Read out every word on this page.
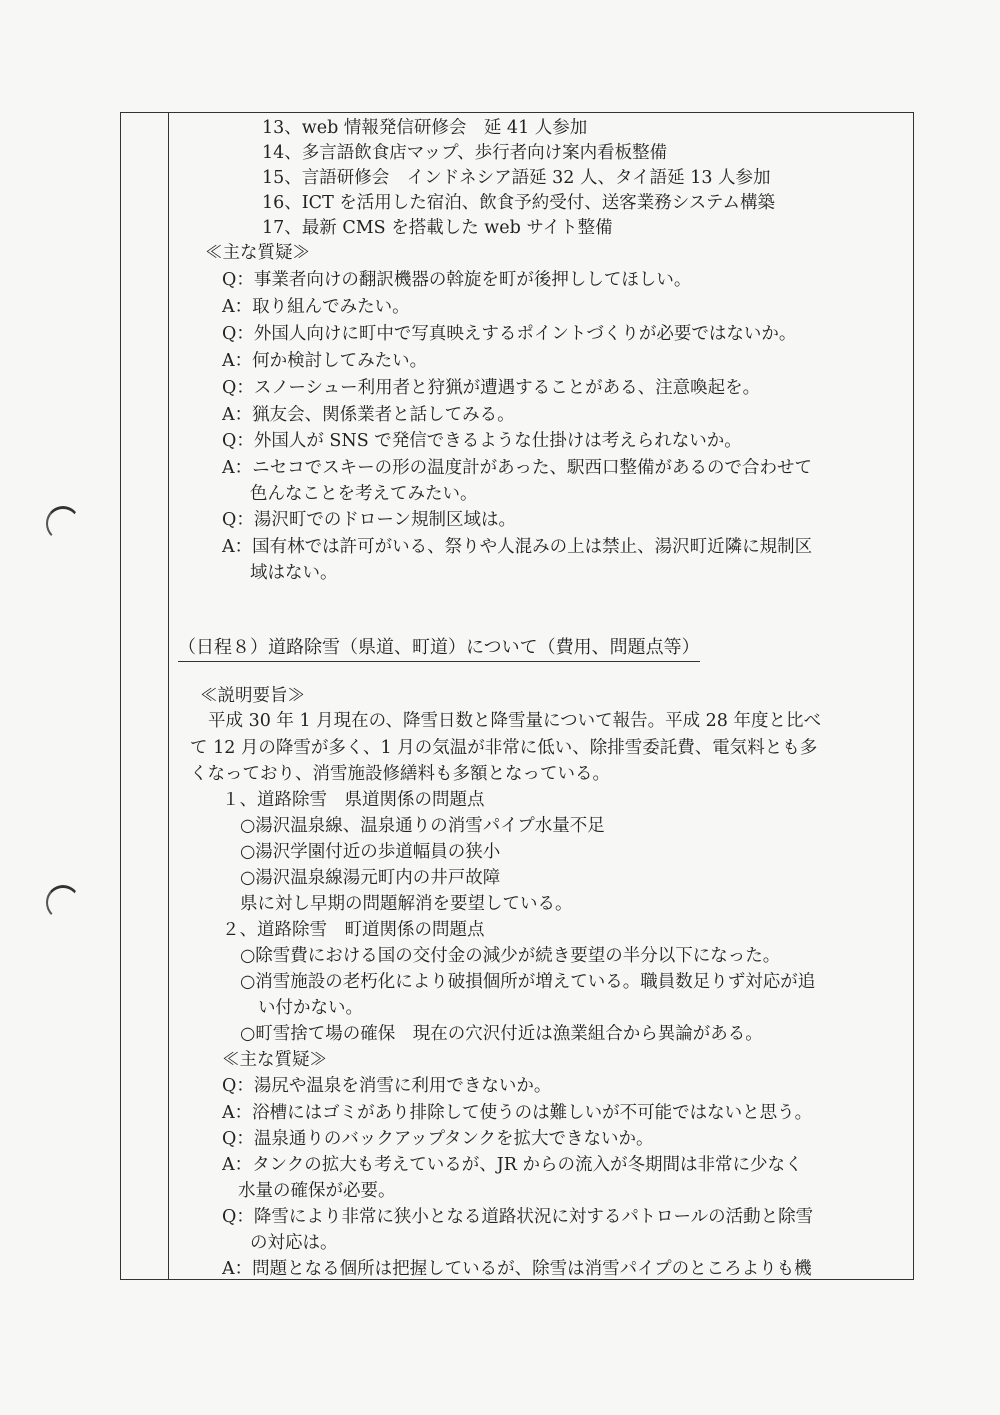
13、web 情報発信研修会　延 41 人参加
14、多言語飲食店マップ、歩行者向け案内看板整備
15、言語研修会　インドネシア語延 32 人、タイ語延 13 人参加
16、ICT を活用した宿泊、飲食予約受付、送客業務システム構築
17、最新 CMS を搭載した web サイト整備
≪主な質疑≫
Q：事業者向けの翻訳機器の斡旋を町が後押ししてほしい。
A：取り組んでみたい。
Q：外国人向けに町中で写真映えするポイントづくりが必要ではないか。
A：何か検討してみたい。
Q：スノーシュー利用者と狩猟が遭遇することがある、注意喚起を。
A：猟友会、関係業者と話してみる。
Q：外国人が SNS で発信できるような仕掛けは考えられないか。
A：ニセコでスキーの形の温度計があった、駅西口整備があるので合わせて
色んなことを考えてみたい。
Q：湯沢町でのドローン規制区域は。
A：国有林では許可がいる、祭りや人混みの上は禁止、湯沢町近隣に規制区
域はない。
（日程８）道路除雪（県道、町道）について（費用、問題点等）
≪説明要旨≫
平成 30 年 1 月現在の、降雪日数と降雪量について報告。平成 28 年度と比べ
て 12 月の降雪が多く、1 月の気温が非常に低い、除排雪委託費、電気料とも多
くなっており、消雪施設修繕料も多額となっている。
１、道路除雪　県道関係の問題点
○湯沢温泉線、温泉通りの消雪パイプ水量不足
○湯沢学園付近の歩道幅員の狭小
○湯沢温泉線湯元町内の井戸故障
県に対し早期の問題解消を要望している。
２、道路除雪　町道関係の問題点
○除雪費における国の交付金の減少が続き要望の半分以下になった。
○消雪施設の老朽化により破損個所が増えている。職員数足りず対応が追
い付かない。
○町雪捨て場の確保　現在の穴沢付近は漁業組合から異論がある。
≪主な質疑≫
Q：湯尻や温泉を消雪に利用できないか。
A：浴槽にはゴミがあり排除して使うのは難しいが不可能ではないと思う。
Q：温泉通りのバックアップタンクを拡大できないか。
A：タンクの拡大も考えているが、JR からの流入が冬期間は非常に少なく
水量の確保が必要。
Q：降雪により非常に狭小となる道路状況に対するパトロールの活動と除雪
の対応は。
A：問題となる個所は把握しているが、除雪は消雪パイプのところよりも機
